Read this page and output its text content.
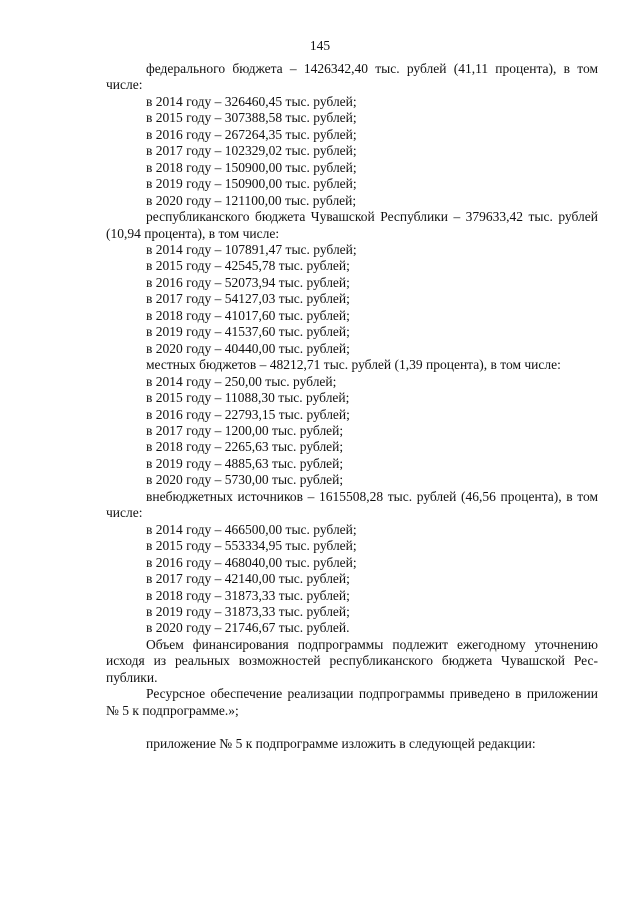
145

федерального бюджета – 1426342,40 тыс. рублей (41,11 процента), в том числе:

в 2014 году – 326460,45 тыс. рублей;

в 2015 году – 307388,58 тыс. рублей;

в 2016 году – 267264,35 тыс. рублей;

в 2017 году – 102329,02 тыс. рублей;

в 2018 году – 150900,00 тыс. рублей;

в 2019 году – 150900,00 тыс. рублей;

в 2020 году – 121100,00 тыс. рублей;

республиканского бюджета Чувашской Республики – 379633,42 тыс. рублей (10,94 процента), в том числе:

в 2014 году – 107891,47 тыс. рублей;

в 2015 году – 42545,78 тыс. рублей;

в 2016 году – 52073,94 тыс. рублей;

в 2017 году – 54127,03 тыс. рублей;

в 2018 году – 41017,60 тыс. рублей;

в 2019 году – 41537,60 тыс. рублей;

в 2020 году – 40440,00 тыс. рублей;

местных бюджетов – 48212,71 тыс. рублей (1,39 процента), в том числе:

в 2014 году – 250,00 тыс. рублей;

в 2015 году – 11088,30 тыс. рублей;

в 2016 году – 22793,15 тыс. рублей;

в 2017 году – 1200,00 тыс. рублей;

в 2018 году – 2265,63 тыс. рублей;

в 2019 году – 4885,63 тыс. рублей;

в 2020 году – 5730,00 тыс. рублей;

внебюджетных источников – 1615508,28 тыс. рублей (46,56 процента), в том числе:

в 2014 году – 466500,00 тыс. рублей;

в 2015 году – 553334,95 тыс. рублей;

в 2016 году – 468040,00 тыс. рублей;

в 2017 году – 42140,00 тыс. рублей;

в 2018 году – 31873,33 тыс. рублей;

в 2019 году – 31873,33 тыс. рублей;

в 2020 году – 21746,67 тыс. рублей.

Объем финансирования подпрограммы подлежит ежегодному уточнению исходя из реальных возможностей республиканского бюджета Чувашской Республики.

Ресурсное обеспечение реализации подпрограммы приведено в приложении № 5 к подпрограмме.»;

приложение № 5 к подпрограмме изложить в следующей редакции:
